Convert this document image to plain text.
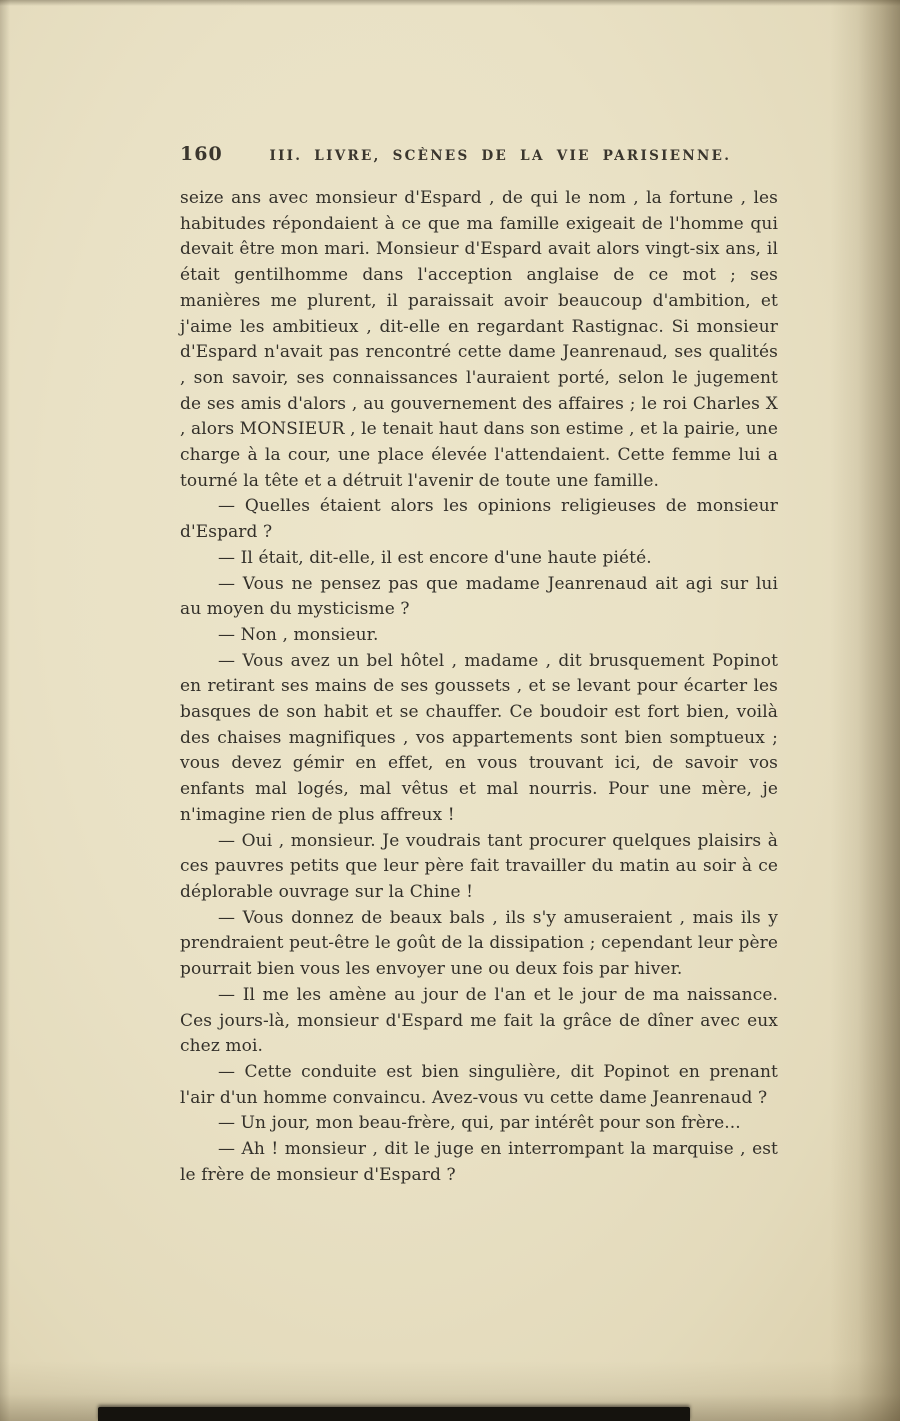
160	III. LIVRE, SCÈNES DE LA VIE PARISIENNE.

seize ans avec monsieur d'Espard , de qui le nom , la fortune , les habitudes répondaient à ce que ma famille exigeait de l'homme qui devait être mon mari. Monsieur d'Espard avait alors vingt-six ans, il était gentilhomme dans l'acception anglaise de ce mot ; ses manières me plurent, il paraissait avoir beaucoup d'ambition, et j'aime les ambitieux , dit-elle en regardant Rastignac. Si monsieur d'Espard n'avait pas rencontré cette dame Jeanrenaud, ses qualités , son savoir, ses connaissances l'auraient porté, selon le jugement de ses amis d'alors , au gouvernement des affaires ; le roi Charles X , alors MONSIEUR , le tenait haut dans son estime , et la pairie, une charge à la cour, une place élevée l'attendaient. Cette femme lui a tourné la tête et a détruit l'avenir de toute une famille.

— Quelles étaient alors les opinions religieuses de monsieur d'Espard ?

— Il était, dit-elle, il est encore d'une haute piété.

— Vous ne pensez pas que madame Jeanrenaud ait agi sur lui au moyen du mysticisme ?

— Non , monsieur.

— Vous avez un bel hôtel , madame , dit brusquement Popinot en retirant ses mains de ses goussets , et se levant pour écarter les basques de son habit et se chauffer. Ce boudoir est fort bien, voilà des chaises magnifiques , vos appartements sont bien somptueux ; vous devez gémir en effet, en vous trouvant ici, de savoir vos enfants mal logés, mal vêtus et mal nourris. Pour une mère, je n'imagine rien de plus affreux !

— Oui , monsieur. Je voudrais tant procurer quelques plaisirs à ces pauvres petits que leur père fait travailler du matin au soir à ce déplorable ouvrage sur la Chine !

— Vous donnez de beaux bals , ils s'y amuseraient , mais ils y prendraient peut-être le goût de la dissipation ; cependant leur père pourrait bien vous les envoyer une ou deux fois par hiver.

— Il me les amène au jour de l'an et le jour de ma naissance. Ces jours-là, monsieur d'Espard me fait la grâce de dîner avec eux chez moi.

— Cette conduite est bien singulière, dit Popinot en prenant l'air d'un homme convaincu. Avez-vous vu cette dame Jeanrenaud ?

— Un jour, mon beau-frère, qui, par intérêt pour son frère...

— Ah ! monsieur , dit le juge en interrompant la marquise , est le frère de monsieur d'Espard ?
